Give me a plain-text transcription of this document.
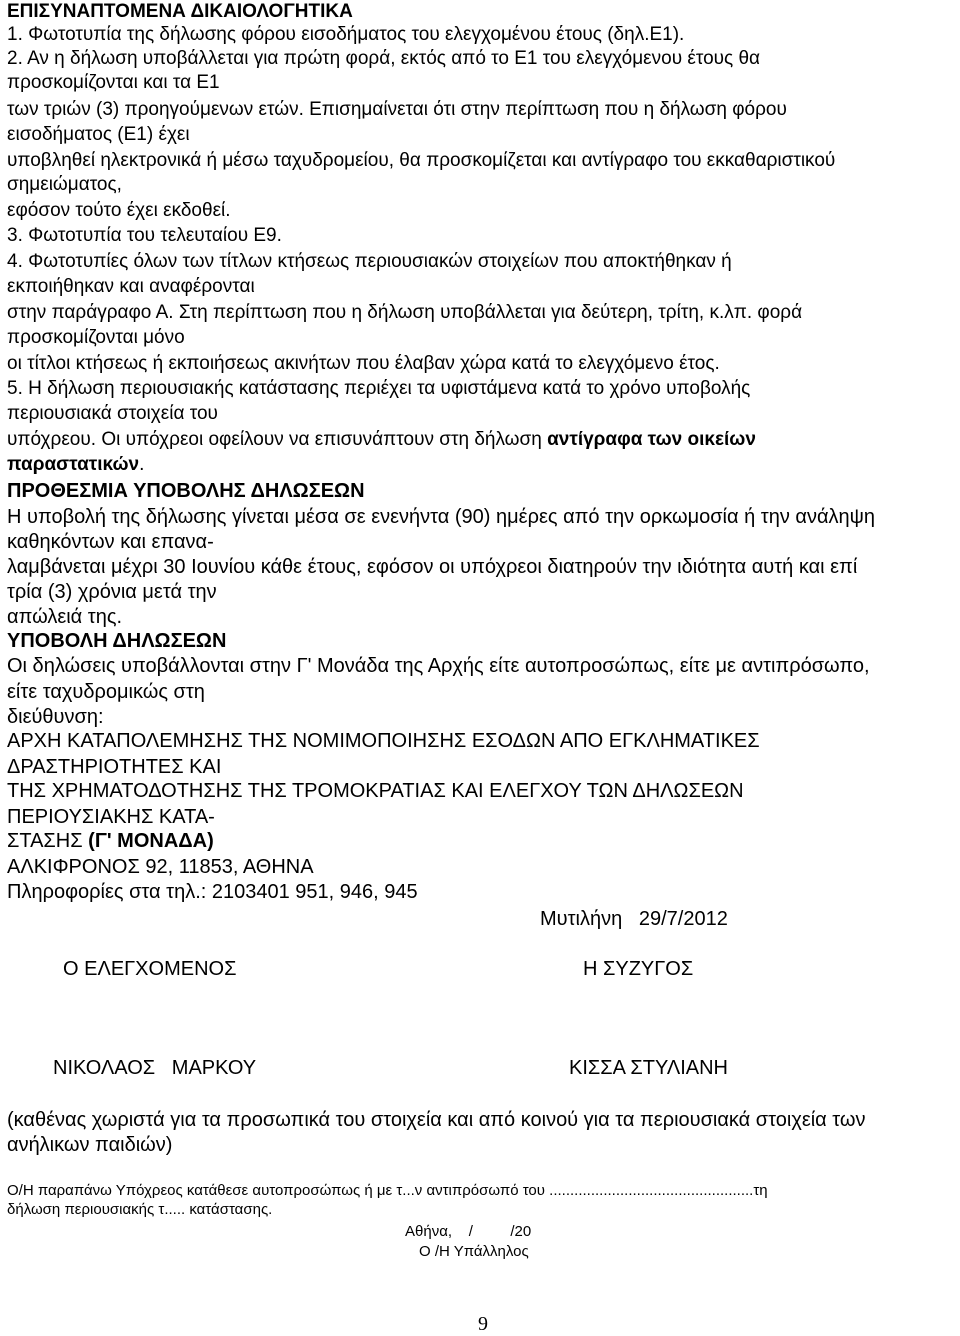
ΕΠΙΣΥΝΑΠΤΟΜΕΝΑ ΔΙΚΑΙΟΛΟΓΗΤΙΚΑ
1. Φωτοτυπία της δήλωσης φόρου εισοδήματος του ελεγχομένου έτους (δηλ.Ε1).
2. Αν η δήλωση υποβάλλεται για πρώτη φορά, εκτός από το Ε1 του ελεγχόμενου έτους θα
προσκομίζονται και τα Ε1
των τριών (3) προηγούμενων ετών. Επισημαίνεται ότι στην περίπτωση που η δήλωση φόρου
εισοδήματος (Ε1) έχει
υποβληθεί ηλεκτρονικά ή μέσω ταχυδρομείου, θα προσκομίζεται και αντίγραφο του εκκαθαριστικού
σημειώματος,
εφόσον τούτο έχει εκδοθεί.
3. Φωτοτυπία του τελευταίου Ε9.
4. Φωτοτυπίες όλων των τίτλων κτήσεως περιουσιακών στοιχείων που αποκτήθηκαν ή
εκποιήθηκαν και αναφέρονται
στην παράγραφο Α. Στη περίπτωση που η δήλωση υποβάλλεται για δεύτερη, τρίτη, κ.λπ. φορά
προσκομίζονται μόνο
οι τίτλοι κτήσεως ή εκποιήσεως ακινήτων που έλαβαν χώρα κατά το ελεγχόμενο έτος.
5. Η δήλωση περιουσιακής κατάστασης περιέχει τα υφιστάμενα κατά το χρόνο υποβολής
περιουσιακά στοιχεία του
υπόχρεου. Οι υπόχρεοι οφείλουν να επισυνάπτουν στη δήλωση αντίγραφα των οικείων
παραστατικών.
ΠΡΟΘΕΣΜΙΑ ΥΠΟΒΟΛΗΣ ΔΗΛΩΣΕΩΝ
Η υποβολή της δήλωσης γίνεται μέσα σε ενενήντα (90) ημέρες από την ορκωμοσία ή την ανάληψη
καθηκόντων και επανα-
λαμβάνεται μέχρι 30 Ιουνίου κάθε έτους, εφόσον οι υπόχρεοι διατηρούν την ιδιότητα αυτή και επί
τρία (3) χρόνια μετά την
απώλειά της.
ΥΠΟΒΟΛΗ ΔΗΛΩΣΕΩΝ
Οι δηλώσεις υποβάλλονται στην Γ' Μονάδα της Αρχής είτε αυτοπροσώπως, είτε με αντιπρόσωπο,
είτε ταχυδρομικώς στη
διεύθυνση:
ΑΡΧΗ ΚΑΤΑΠΟΛΕΜΗΣΗΣ ΤΗΣ ΝΟΜΙΜΟΠΟΙΗΣΗΣ ΕΣΟΔΩΝ ΑΠΟ ΕΓΚΛΗΜΑΤΙΚΕΣ
ΔΡΑΣΤΗΡΙΟΤΗΤΕΣ ΚΑΙ
ΤΗΣ ΧΡΗΜΑΤΟΔΟΤΗΣΗΣ ΤΗΣ ΤΡΟΜΟΚΡΑΤΙΑΣ ΚΑΙ ΕΛΕΓΧΟΥ ΤΩΝ ΔΗΛΩΣΕΩΝ
ΠΕΡΙΟΥΣΙΑΚΗΣ ΚΑΤΑ-
ΣΤΑΣΗΣ (Γ' ΜΟΝΑΔΑ)
ΑΛΚΙΦΡΟΝΟΣ 92, 11853, ΑΘΗΝΑ
Πληροφορίες στα τηλ.: 2103401 951, 946, 945
Μυτιλήνη   29/7/2012
Ο ΕΛΕΓΧΟΜΕΝΟΣ	Η ΣΥΖΥΓΟΣ
ΝΙΚΟΛΑΟΣ   ΜΑΡΚΟΥ	ΚΙΣΣΑ ΣΤΥΛΙΑΝΗ
(καθένας χωριστά για τα προσωπικά του στοιχεία και από κοινού για τα περιουσιακά στοιχεία των
ανήλικων παιδιών)
Ο/Η παραπάνω Υπόχρεος κατάθεσε αυτοπροσώπως ή με τ...ν αντιπρόσωπό του .................................................τη
δήλωση περιουσιακής τ..... κατάστασης.
Αθήνα,    /         /20
Ο /Η Υπάλληλος
9
